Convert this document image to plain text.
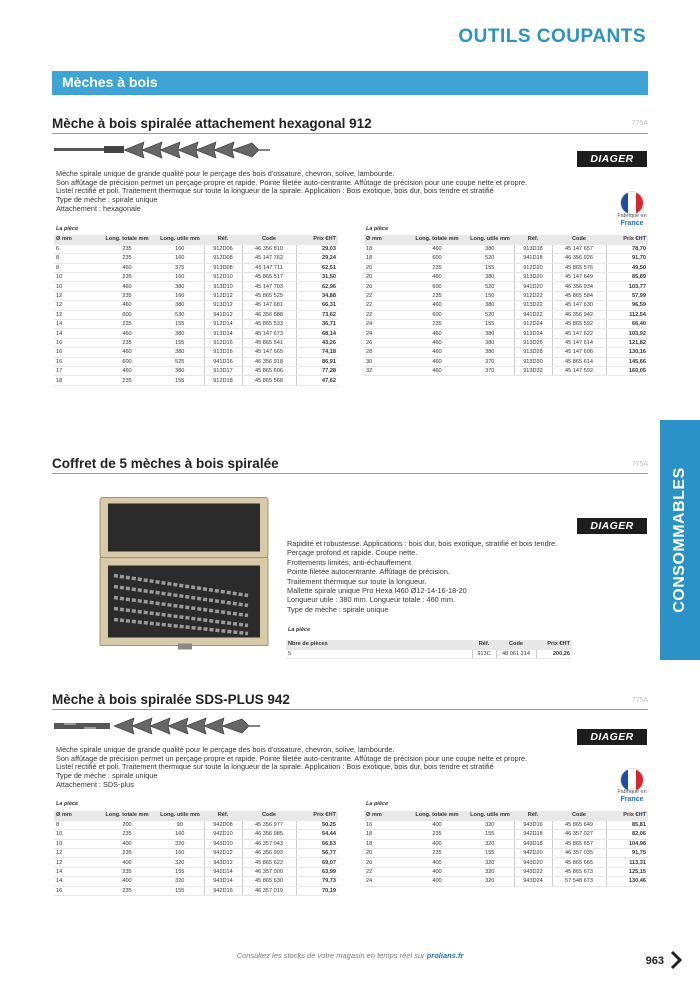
OUTILS COUPANTS
Mèches à bois
CONSOMMABLES
Mèche à bois spiralée attachement hexagonal 912	775A
DIAGER
Fabriqué en
France
Mèche spirale unique de grande qualité pour le perçage des bois d'ossature, chevron, solive, lambourde.
Son affûtage de précision permet un perçage propre et rapide. Pointe filetée auto-centrante. Affûtage de précision pour une coupe nette et propre.
Listel rectifié et poli. Traitement thermique sur toute la longueur de la spirale. Application : Bois exotique, bois dur, bois tendre et stratifié
Type de mèche : spirale unique
Attachement : hexagonale
La pièce	La pièce
Ø mm	Long. totale mm	Long. utile mm	Réf.	Code	Prix €HT
6	235	160	912D06	46 356 810	29,03
8	235	160	912D08	45 147 762	29,24
8	460	375	913D08	45 147 711	62,51
10	235	160	912D10	45 865 517	31,50
10	460	380	913D10	45 147 703	62,96
12	235	160	912D12	45 865 525	34,88
12	460	380	913D12	45 147 681	66,31
12	600	530	941D12	46 356 888	73,62
14	235	155	912D14	45 865 533	36,71
14	460	380	913D14	45 147 673	68,14
16	235	155	912D16	45 865 541	43,26
16	460	380	913D16	45 147 665	74,18
16	600	525	941D16	46 356 918	86,91
17	460	380	913D17	45 865 606	77,28
18	235	155	912D18	45 865 568	47,62
Ø mm	Long. totale mm	Long. utile mm	Réf.	Code	Prix €HT
18	460	380	913D18	45 147 657	78,70
18	600	520	941D18	46 356 926	91,70
20	235	155	912D20	45 865 576	49,50
20	460	380	913D20	45 147 649	85,89
20	600	520	941D20	46 356 934	103,77
22	235	150	912D22	45 865 584	57,99
22	460	380	913D22	45 147 630	96,59
22	600	520	941D22	46 356 942	112,54
24	235	155	912D24	45 865 592	66,40
24	460	380	913D24	45 147 622	103,92
26	460	380	913D26	45 147 614	121,82
28	460	380	913D28	45 147 606	130,16
30	460	370	913D30	45 865 614	145,66
32	460	370	913D32	45 147 592	160,05
Coffret de 5 mèches à bois spiralée	775A
DIAGER
Rapidité et robustesse. Applications : bois dur, bois exotique, stratifié et bois tendre.
Perçage profond et rapide. Coupe nette.
Frottements limités, anti-échauffement.
Pointe filetée autocentrante. Affûtage de précision.
Traitement thermique sur toute la longueur.
Mallette spirale unique Pro Hexa I460 Ø12-14-16-18-20
Longueur utile : 380 mm. Longueur totale : 460 mm.
Type de mèche : spirale unique
La pièce
Nbre de pièces	Réf.	Code	Prix €HT
5	913C	48 061 214	200,26
Mèche à bois spiralée SDS-PLUS 942	775A
DIAGER
Fabriqué en
France
Mèche spirale unique de grande qualité pour le perçage des bois d'ossature, chevron, solive, lambourde.
Son affûtage de précision permet un perçage propre et rapide. Pointe filetée auto-centrante. Affûtage de précision pour une coupe nette et propre.
Listel rectifié et poli. Traitement thermique sur toute la longueur de la spirale. Application : Bois exotique, bois dur, bois tendre et stratifié
Type de mèche : spirale unique
Attachement : SDS-plus
La pièce	La pièce
Ø mm	Long. totale mm	Long. utile mm	Réf.	Code	Prix €HT
8	200	90	942D08	45 356 977	50,25
10	235	160	942D10	46 356 985	54,44
10	400	320	943D10	46 357 043	66,63
12	235	160	942D12	46 356 993	56,77
12	400	320	943D12	45 865 622	69,07
14	235	155	942D14	46 357 000	63,99
14	400	320	943D14	45 865 630	79,73
16	235	155	942D16	46 357 019	70,19
Ø mm	Long. totale mm	Long. utile mm	Réf.	Code	Prix €HT
16	400	320	943D16	45 865 649	85,81
18	235	155	942D18	46 357 027	82,06
18	400	320	943D18	45 865 657	104,98
20	235	155	942D20	46 357 035	91,75
20	400	320	943D20	45 865 665	113,31
22	400	320	943D22	45 865 673	125,15
24	400	320	943D24	57 548 673	130,46
Consultez les stocks de votre magasin en temps réel sur prolians.fr	963
